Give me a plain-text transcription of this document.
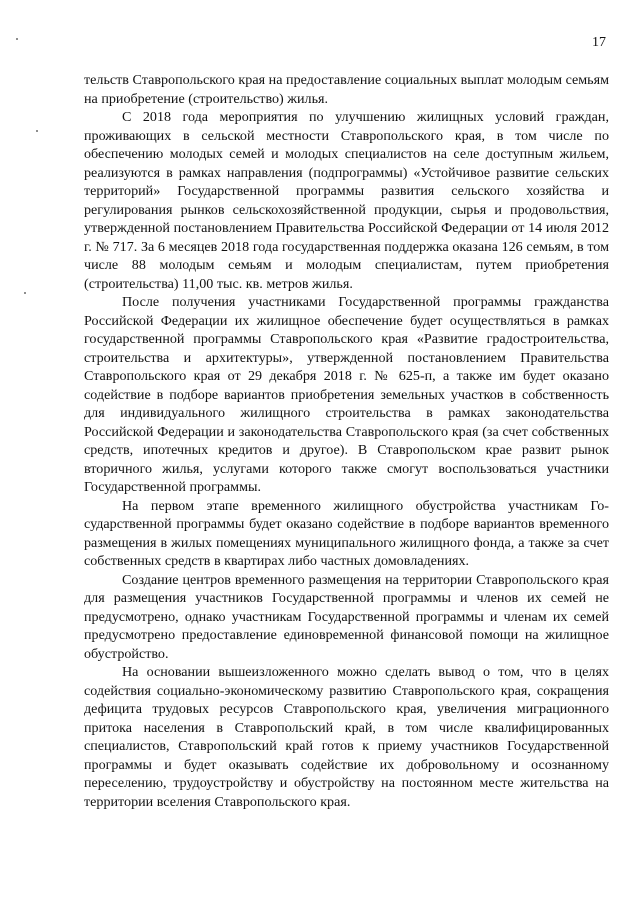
17

тельств Ставропольского края на предоставление социальных выплат молодым семьям на приобретение (строительство) жилья.

С 2018 года мероприятия по улучшению жилищных условий граждан, проживающих в сельской местности Ставропольского края, в том числе по обеспечению молодых семей и молодых специалистов на селе доступным жильем, реализуются в рамках направления (подпрограммы) «Устойчивое развитие сельских территорий» Государственной программы развития сельского хозяйства и регулирования рынков сельскохозяйственной продукции, сырья и продовольствия, утвержденной постановлением Правительства Российской Федерации от 14 июля 2012 г. № 717. За 6 месяцев 2018 года государственная поддержка оказана 126 семьям, в том числе 88 молодым семьям и молодым специалистам, путем приобретения (строительства) 11,00 тыс. кв. метров жилья.

После получения участниками Государственной программы гражданства Российской Федерации их жилищное обеспечение будет осуществляться в рамках государственной программы Ставропольского края «Развитие градостроительства, строительства и архитектуры», утвержденной постановлением Правительства Ставропольского края от 29 декабря 2018 г. № 625-п, а также им будет оказано содействие в подборе вариантов приобретения земельных участков в собственность для индивидуального жилищного строительства в рамках законодательства Российской Федерации и законодательства Ставропольского края (за счет собственных средств, ипотечных кредитов и другое). В Ставропольском крае развит рынок вторичного жилья, услугами которого также смогут воспользоваться участники Государственной программы.

На первом этапе временного жилищного обустройства участникам Государственной программы будет оказано содействие в подборе вариантов временного размещения в жилых помещениях муниципального жилищного фонда, а также за счет собственных средств в квартирах либо частных домовладениях.

Создание центров временного размещения на территории Ставропольского края для размещения участников Государственной программы и членов их семей не предусмотрено, однако участникам Государственной программы и членам их семей предусмотрено предоставление единовременной финансовой помощи на жилищное обустройство.

На основании вышеизложенного можно сделать вывод о том, что в целях содействия социально-экономическому развитию Ставропольского края, сокращения дефицита трудовых ресурсов Ставропольского края, увеличения миграционного притока населения в Ставропольский край, в том числе квалифицированных специалистов, Ставропольский край готов к приему участников Государственной программы и будет оказывать содействие их добровольному и осознанному переселению, трудоустройству и обустройству на постоянном месте жительства на территории вселения Ставропольского края.
